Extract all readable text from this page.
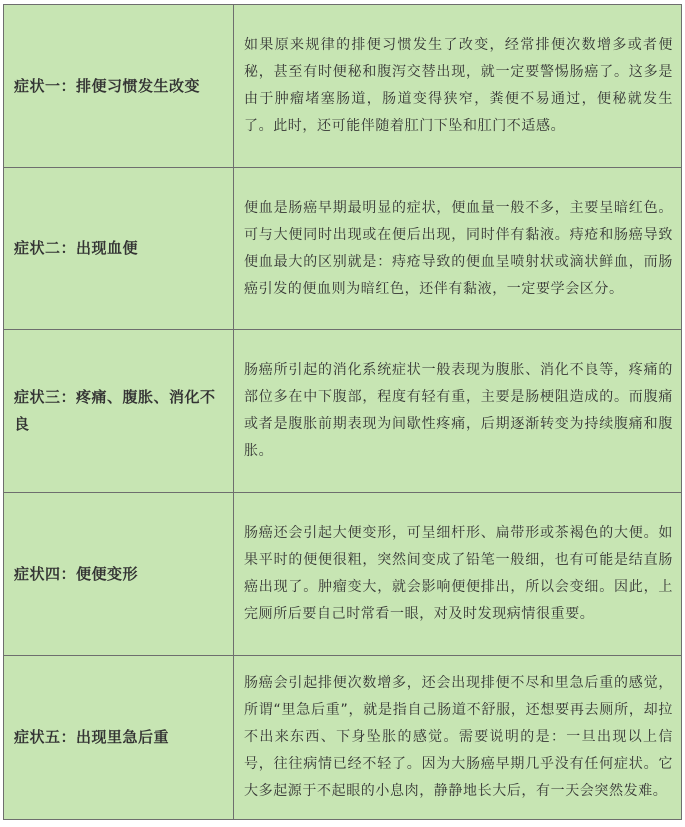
症状一：排便习惯发生改变	如果原来规律的排便习惯发生了改变，经常排便次数增多或者便秘，甚至有时便秘和腹泻交替出现，就一定要警惕肠癌了。这多是由于肿瘤堵塞肠道，肠道变得狭窄，粪便不易通过，便秘就发生了。此时，还可能伴随着肛门下坠和肛门不适感。
症状二：出现血便	便血是肠癌早期最明显的症状，便血量一般不多，主要呈暗红色。可与大便同时出现或在便后出现，同时伴有黏液。痔疮和肠癌导致便血最大的区别就是：痔疮导致的便血呈喷射状或滴状鲜血，而肠癌引发的便血则为暗红色，还伴有黏液，一定要学会区分。
症状三：疼痛、腹胀、消化不良	肠癌所引起的消化系统症状一般表现为腹胀、消化不良等，疼痛的部位多在中下腹部，程度有轻有重，主要是肠梗阻造成的。而腹痛或者是腹胀前期表现为间歇性疼痛，后期逐渐转变为持续腹痛和腹胀。
症状四：便便变形	肠癌还会引起大便变形，可呈细杆形、扁带形或茶褐色的大便。如果平时的便便很粗，突然间变成了铅笔一般细，也有可能是结直肠癌出现了。肿瘤变大，就会影响便便排出，所以会变细。因此，上完厕所后要自己时常看一眼，对及时发现病情很重要。
症状五：出现里急后重	肠癌会引起排便次数增多，还会出现排便不尽和里急后重的感觉，所谓“里急后重”，就是指自己肠道不舒服，还想要再去厕所，却拉不出来东西、下身坠胀的感觉。需要说明的是：一旦出现以上信号，往往病情已经不轻了。因为大肠癌早期几乎没有任何症状。它大多起源于不起眼的小息肉，静静地长大后，有一天会突然发难。
